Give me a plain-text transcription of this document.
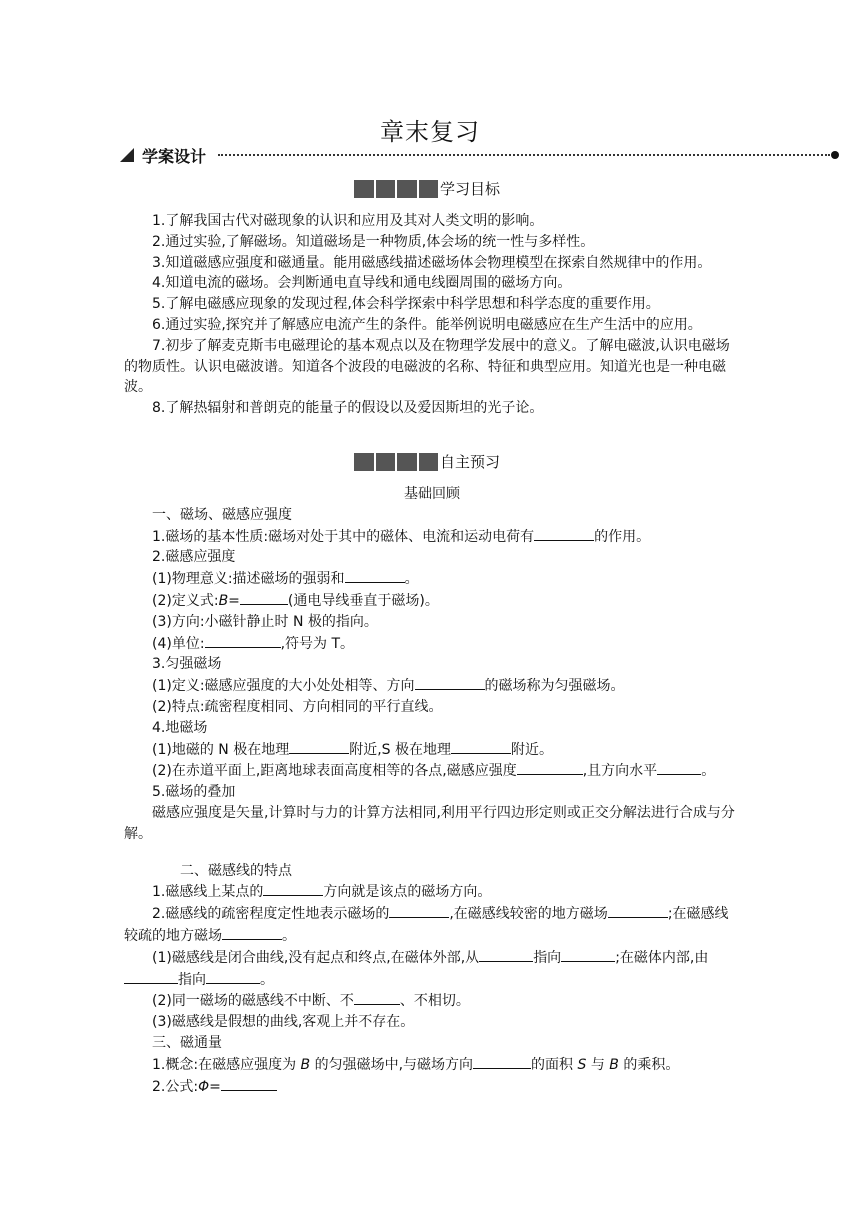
章末复习
学案设计
学习目标

1.了解我国古代对磁现象的认识和应用及其对人类文明的影响。

2.通过实验,了解磁场。知道磁场是一种物质,体会场的统一性与多样性。

3.知道磁感应强度和磁通量。能用磁感线描述磁场体会物理模型在探索自然规律中的作用。

4.知道电流的磁场。会判断通电直导线和通电线圈周围的磁场方向。

5.了解电磁感应现象的发现过程,体会科学探索中科学思想和科学态度的重要作用。

6.通过实验,探究并了解感应电流产生的条件。能举例说明电磁感应在生产生活中的应用。

7.初步了解麦克斯韦电磁理论的基本观点以及在物理学发展中的意义。了解电磁波,认识电磁场的物质性。认识电磁波谱。知道各个波段的电磁波的名称、特征和典型应用。知道光也是一种电磁波。

8.了解热辐射和普朗克的能量子的假设以及爱因斯坦的光子论。

自主预习

基础回顾

一、磁场、磁感应强度

1.磁场的基本性质:磁场对处于其中的磁体、电流和运动电荷有	的作用。

2.磁感应强度

(1)物理意义:描述磁场的强弱和	。

(2)定义式:B=	(通电导线垂直于磁场)。

(3)方向:小磁针静止时 N 极的指向。

(4)单位:	,符号为 T。

3.匀强磁场

(1)定义:磁感应强度的大小处处相等、方向	的磁场称为匀强磁场。

(2)特点:疏密程度相同、方向相同的平行直线。

4.地磁场

(1)地磁的 N 极在地理	附近,S 极在地理	附近。

(2)在赤道平面上,距离地球表面高度相等的各点,磁感应强度	,且方向水平	。

5.磁场的叠加

磁感应强度是矢量,计算时与力的计算方法相同,利用平行四边形定则或正交分解法进行合成与分解。

二、磁感线的特点

1.磁感线上某点的	方向就是该点的磁场方向。

2.磁感线的疏密程度定性地表示磁场的	,在磁感线较密的地方磁场	;在磁感线较疏的地方磁场	。

(1)磁感线是闭合曲线,没有起点和终点,在磁体外部,从	指向	;在磁体内部,由指向	。

(2)同一磁场的磁感线不中断、不	、不相切。

(3)磁感线是假想的曲线,客观上并不存在。

三、磁通量

1.概念:在磁感应强度为 B 的匀强磁场中,与磁场方向	的面积 S 与 B 的乘积。

2.公式:Φ=
